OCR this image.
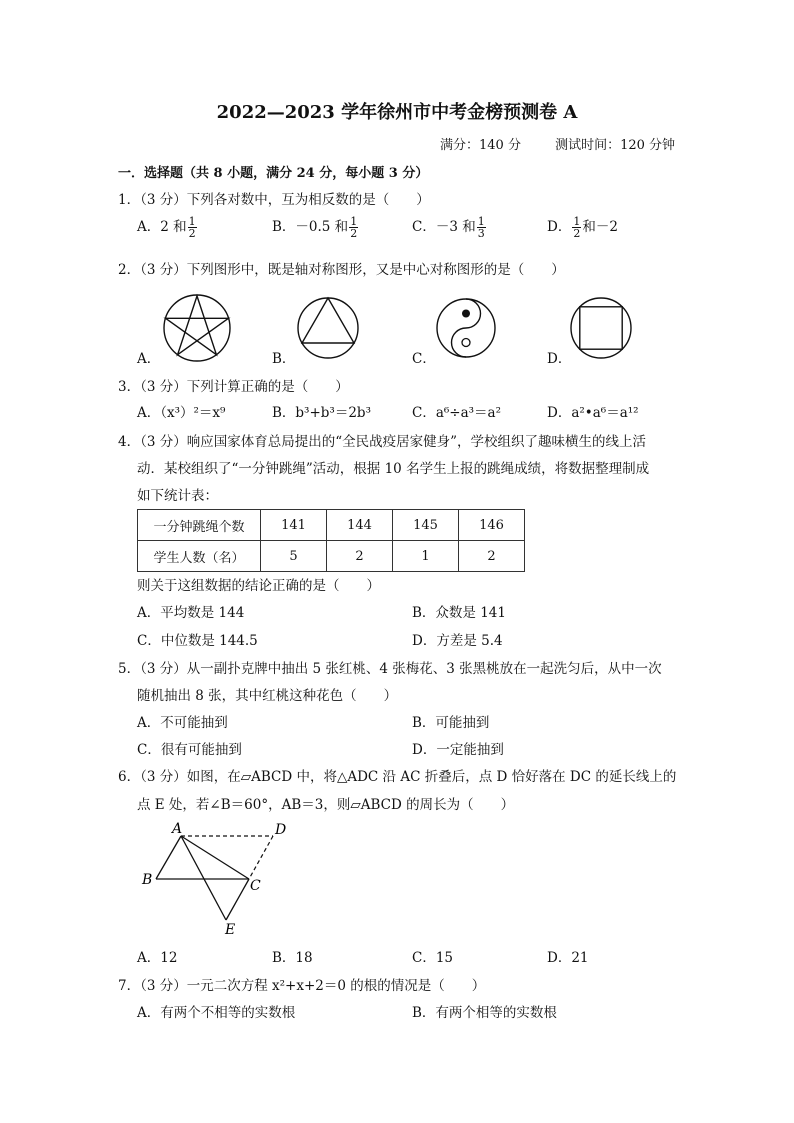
2022—2023 学年徐州市中考金榜预测卷 A
满分：140 分	测试时间：120 分钟
一．选择题（共 8 小题，满分 24 分，每小题 3 分）
1．（3 分）下列各对数中，互为相反数的是（　　）
A．2 和 $\frac{1}{2}$	B．－0.5 和 $\frac{1}{2}$	C．－3 和 $\frac{1}{3}$	D． $\frac{1}{2}$ 和－2
2．（3 分）下列图形中，既是轴对称图形，又是中心对称图形的是（　　）
A．	B．	C．	D．
3．（3 分）下列计算正确的是（　　）
A．（x³）²＝x⁹	B．b³+b³＝2b³	C．a⁶÷a³＝a²	D．a²•a⁶＝a¹²
4．（3 分）响应国家体育总局提出的“全民战疫居家健身”，学校组织了趣味横生的线上活
动．某校组织了“一分钟跳绳”活动，根据 10 名学生上报的跳绳成绩，将数据整理制成
如下统计表：
一分钟跳绳个数	141	144	145	146
学生人数（名）	5	2	1	2
则关于这组数据的结论正确的是（　　）
A．平均数是 144	B．众数是 141
C．中位数是 144.5	D．方差是 5.4
5．（3 分）从一副扑克牌中抽出 5 张红桃、4 张梅花、3 张黑桃放在一起洗匀后，从中一次
随机抽出 8 张，其中红桃这种花色（　　）
A．不可能抽到	B．可能抽到
C．很有可能抽到	D．一定能抽到
6．（3 分）如图，在▱ABCD 中，将△ADC 沿 AC 折叠后，点 D 恰好落在 DC 的延长线上的
点 E 处，若∠B＝60°，AB＝3，则▱ABCD 的周长为（　　）
A	D
B	C
E
A．12	B．18	C．15	D．21
7．（3 分）一元二次方程 x²+x+2＝0 的根的情况是（　　）
A．有两个不相等的实数根	B．有两个相等的实数根
